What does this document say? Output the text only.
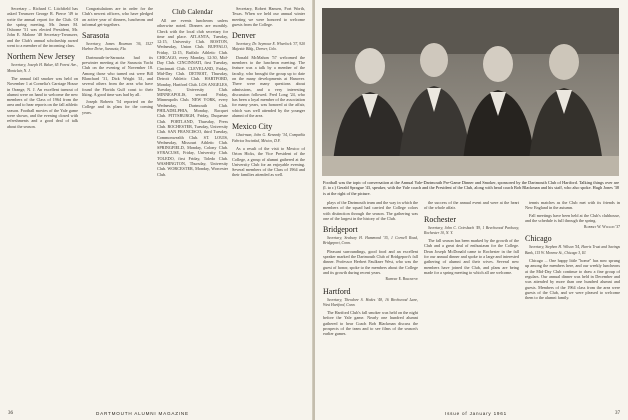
Secretary – Richard C. Litchfield has asked Treasurer George R. Pierce '49 to write the annual report for the Club. Of the spring meeting, Mr. James M. Osborne '51 was elected President, Mr. John E. Malone '48 Secretary-Treasurer, and the Club's annual scholarship award went to a member of the incoming class.

Northern New Jersey

Secretary, Joseph H. Baker, 65 Forest Ave., Montclair, N. J.

The annual fall smoker was held on November 1 at Cornelia's Carriage House in Orange, N. J. An excellent turnout of alumni were on hand to welcome the new members of the Class of 1964 from the area and to hear reports on the fall athletic season. Football movies of the Yale game were shown, and the evening closed with refreshments and a good deal of talk about the season.

Congratulations are in order for the Club's newest officers, who have pledged an active year of dinners, luncheons and informal get-togethers.

Sarasota

Secretary, James Bowman '36, 1527 Harbor Drive, Sarasota, Fla.

Dartmouth-in-Sarasota had its prewinter meeting at the Sarasota Yacht Club on the evening of November 18. Among those who turned out were Bill Blanchard '31, Dick Wright '41, and several others from the area who have found the Florida Gulf coast to their liking. A good time was had by all.

Joseph Roberts '54 reported on the College and its plans for the coming years.

Club Calendar

All are events luncheons unless otherwise noted. Dinners are monthly. Check with the local club secretary for time and place. ATLANTA, Tuesday, 12:15, University Club. BOSTON, Wednesday, Union Club. BUFFALO, Friday, 12:15, Buffalo Athletic Club. CHICAGO, every Monday, 12:30, Mid-Day Club. CINCINNATI, first Tuesday, Cincinnati Club. CLEVELAND, Friday, Mid-Day Club. DETROIT, Thursday, Detroit Athletic Club. HARTFORD, Monday, Hartford Club. LOS ANGELES, Tuesday, University Club. MINNEAPOLIS, second Friday, Minneapolis Club. NEW YORK, every Wednesday, Dartmouth Club. PHILADELPHIA, Monday, Racquet Club. PITTSBURGH, Friday, Duquesne Club. PORTLAND, Thursday, Press Club. ROCHESTER, Tuesday, University Club. SAN FRANCISCO, third Tuesday, Commonwealth Club. ST. LOUIS, Wednesday, Missouri Athletic Club. SPRINGFIELD, Monday, Colony Club. SYRACUSE, Friday, University Club. TOLEDO, first Friday, Toledo Club. WASHINGTON, Thursday, University Club. WORCESTER, Monday, Worcester Club.

Secretary, Robert Hansen, Fort Worth, Texas. When we held our annual winter meeting we were honored to welcome guests from the College.

Denver

Secretary, Dr. Seymour E. Wheelock '37, 920 Majestic Bldg., Denver, Colo.

Donald McMahon '57 welcomed the members to the luncheon meeting. The feature was a talk by a member of the faculty, who brought the group up to date on the many developments at Hanover. There were many questions about admissions, and a very interesting discussion followed. Fred Long '24, who has been a loyal member of the association for many years, was honored at the affair, which was well attended by the younger alumni of the area.

Mexico City

Chairman, John G. Kennedy '34, Compañía Fabrica Sociedad, México, D.F.

As a result of the visit to Mexico of Orton Hicks, the Vice President of the College, a group of alumni gathered at the University Club for an enjoyable evening. Several members of the Class of 1964 and their families attended as well.

36	DARTMOUTH ALUMNI MAGAZINE
Football was the topic of conversation at the Annual Yale-Dartmouth Pre-Game Dinner and Smoker, sponsored by the Dartmouth Club of Hartford. Talking things over are (l. to r.) Gerald Sprague '43, speaker, with the Yale coach and the President of the Club, along with head coach Bob Blackman and his staff, who also spoke. Hugh Jones '38 is at the right of the picture.

plays of the Dartmouth team and the way in which the members of the squad had carried the College colors with distinction through the season. The gathering was one of the largest in the history of the Club.

Bridgeport

Secretary, Seabury H. Hammond '35, 1 Cornell Road, Bridgeport, Conn.

Pleasant surroundings, good food and an excellent speaker marked the Dartmouth Club of Bridgeport's fall dinner. Professor Herbert Faulkner West, who was the guest of honor, spoke to the members about the College and its growth during recent years.

Robert E. Birdseye

Hartford

Secretary, Theodore S. Hodes '48, 16 Birchwood Lane, West Hartford, Conn.

The Hartford Club's fall smoker was held on the night before the Yale game. Nearly one hundred alumni gathered to hear Coach Bob Blackman discuss the prospects of the team and to see films of the season's earlier games.

the success of the annual event and were at the heart of the whole affair.

Rochester

Secretary, John C. Griesbach '49, 1 Beechwood Parkway, Rochester 10, N. Y.

The fall season has been marked by the growth of the Club and a great deal of enthusiasm for the College. Dean Joseph McDonald came to Rochester in the fall for our annual dinner and spoke to a large and interested gathering of alumni and their wives. Several new members have joined the Club, and plans are being made for a spring meeting to which all are welcome.

tennis matches as the Club met with its friends in New England in the autumn.

Fall meetings have been held at the Club's clubhouse, and the schedule is full through the spring.

Robert W. Wilson '37

Chicago

Secretary, Stephen H. Wilson '54, Harris Trust and Savings Bank, 115 W. Monroe St., Chicago 3, Ill.

Chicago ... One happy little "home" has now sprung up among the members here, and our weekly luncheons at the Mid-Day Club continue to draw a fine group of regulars. Our annual dinner was held in December and was attended by more than one hundred alumni and guests. Members of the 1964 class from the area were guests of the Club, and we were pleased to welcome them to the alumni family.

Issue of January 1961	37
